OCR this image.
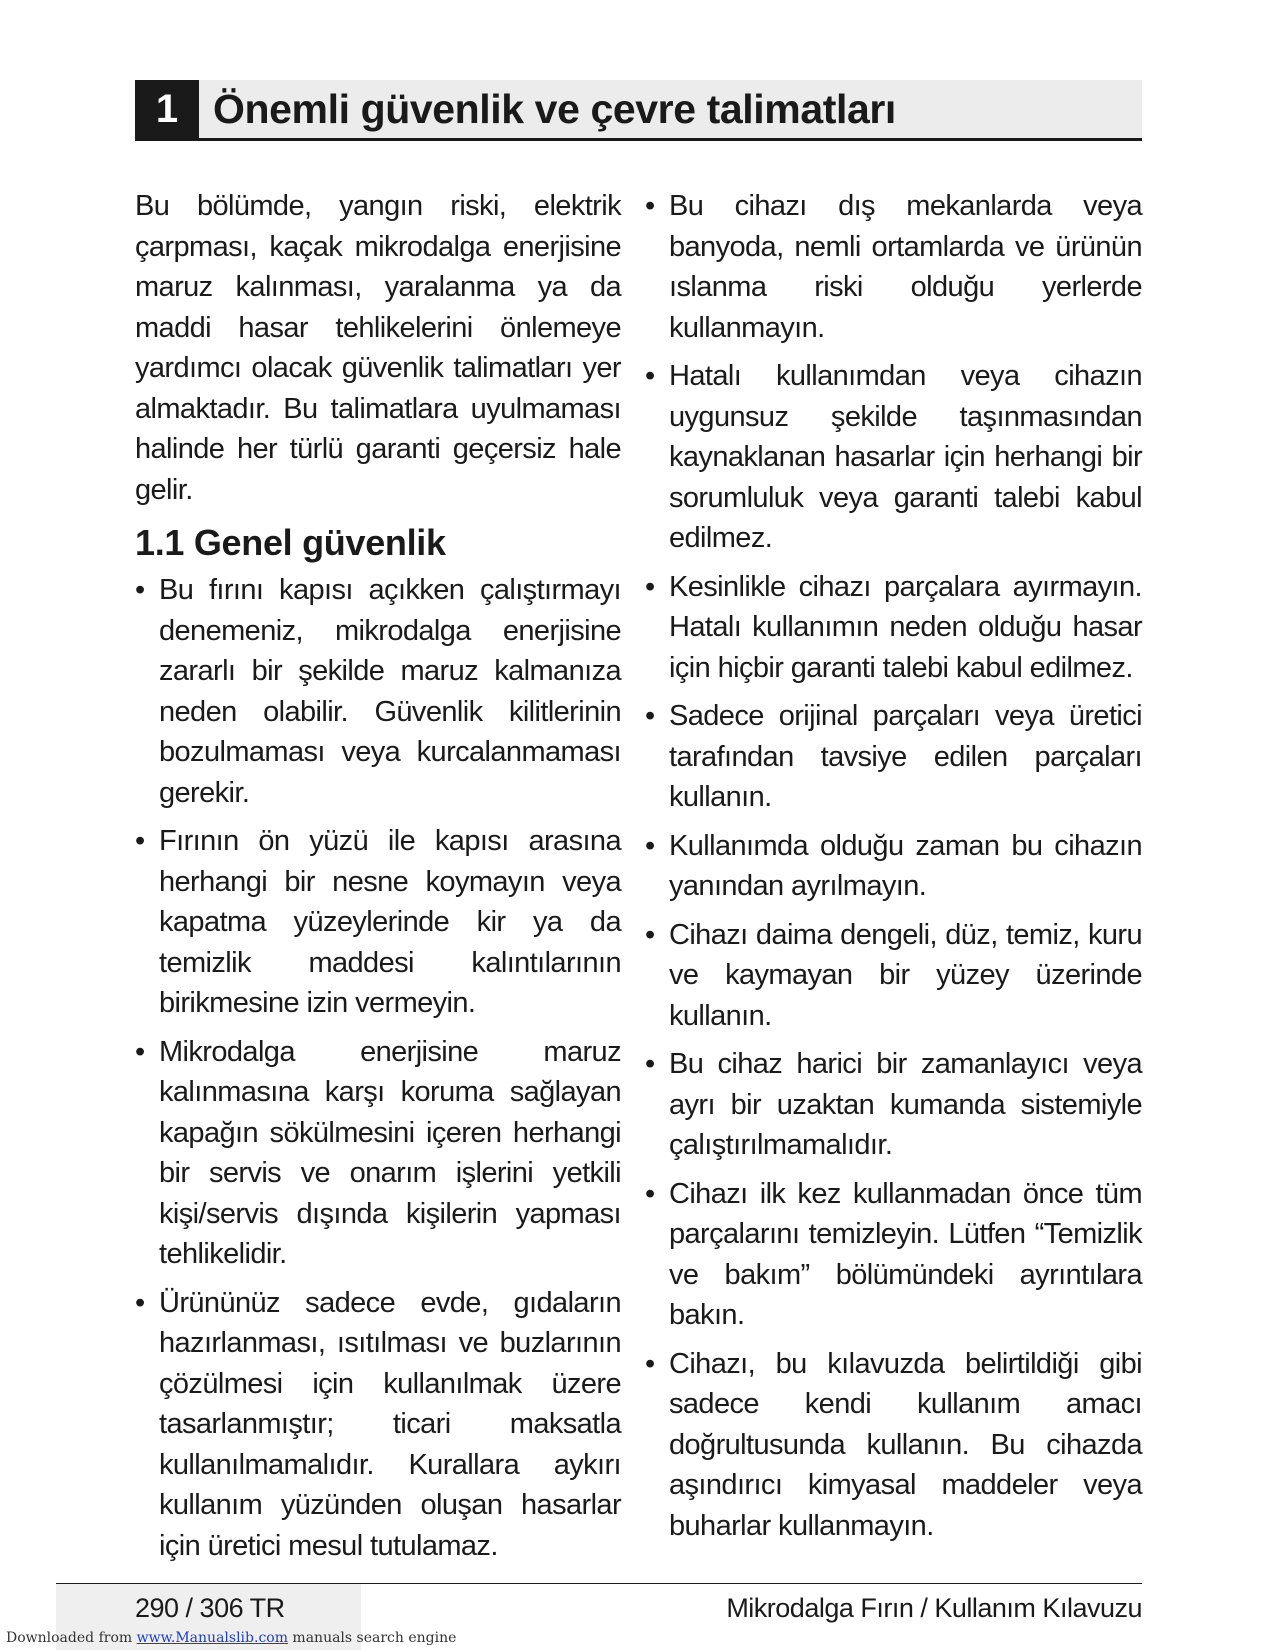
1 Önemli güvenlik ve çevre talimatları

Bu bölümde, yangın riski, elektrik çarpması, kaçak mikrodalga enerjisine maruz kalınması, yaralanma ya da maddi hasar tehlikelerini önlemeye yardımcı olacak güvenlik talimatları yer almaktadır. Bu talimatlara uyulmaması halinde her türlü garanti geçersiz hale gelir.

1.1 Genel güvenlik
• Bu fırını kapısı açıkken çalıştırmayı denemeniz, mikrodalga enerjisine zararlı bir şekilde maruz kalmanıza neden olabilir. Güvenlik kilitlerinin bozulmaması veya kurcalanmaması gerekir.
• Fırının ön yüzü ile kapısı arasına herhangi bir nesne koymayın veya kapatma yüzeylerinde kir ya da temizlik maddesi kalıntılarının birikmesine izin vermeyin.
• Mikrodalga enerjisine maruz kalınmasına karşı koruma sağlayan kapağın sökülmesini içeren herhangi bir servis ve onarım işlerini yetkili kişi/servis dışında kişilerin yapması tehlikelidir.
• Ürününüz sadece evde, gıdaların hazırlanması, ısıtılması ve buzlarının çözülmesi için kullanılmak üzere tasarlanmıştır; ticari maksatla kullanılmamalıdır. Kurallara aykırı kullanım yüzünden oluşan hasarlar için üretici mesul tutulamaz.
• Bu cihazı dış mekanlarda veya banyoda, nemli ortamlarda ve ürünün ıslanma riski olduğu yerlerde kullanmayın.
• Hatalı kullanımdan veya cihazın uygunsuz şekilde taşınmasından kaynaklanan hasarlar için herhangi bir sorumluluk veya garanti talebi kabul edilmez.
• Kesinlikle cihazı parçalara ayırmayın. Hatalı kullanımın neden olduğu hasar için hiçbir garanti talebi kabul edilmez.
• Sadece orijinal parçaları veya üretici tarafından tavsiye edilen parçaları kullanın.
• Kullanımda olduğu zaman bu cihazın yanından ayrılmayın.
• Cihazı daima dengeli, düz, temiz, kuru ve kaymayan bir yüzey üzerinde kullanın.
• Bu cihaz harici bir zamanlayıcı veya ayrı bir uzaktan kumanda sistemiyle çalıştırılmamalıdır.
• Cihazı ilk kez kullanmadan önce tüm parçalarını temizleyin. Lütfen “Temizlik ve bakım” bölümündeki ayrıntılara bakın.
• Cihazı, bu kılavuzda belirtildiği gibi sadece kendi kullanım amacı doğrultusunda kullanın. Bu cihazda aşındırıcı kimyasal maddeler veya buharlar kullanmayın.
290 / 306 TR	Mikrodalga Fırın / Kullanım Kılavuzu
Downloaded from www.Manualslib.com manuals search engine
